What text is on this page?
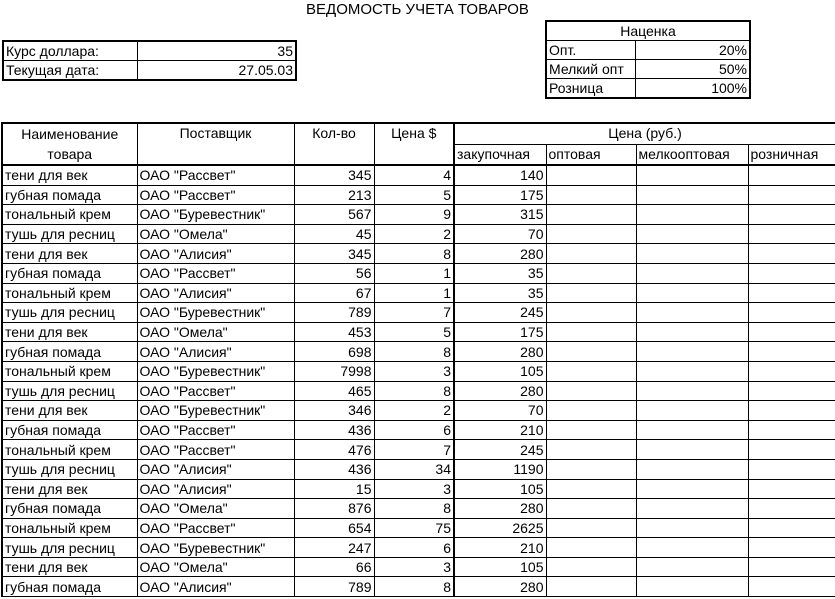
ВЕДОМОСТЬ УЧЕТА ТОВАРОВ
Курс доллара:	35
Текущая дата:	27.05.03
Наценка	
Опт.	20%
Мелкий опт	50%
Розница	100%
Наименование товара	Поставщик	Кол-во	Цена $	Цена (руб.)			
				закупочная	оптовая	мелкооптовая	розничная
тени для век	ОАО "Рассвет"	345	4	140			
губная помада	ОАО "Рассвет"	213	5	175			
тональный крем	ОАО "Буревестник"	567	9	315			
тушь для ресниц	ОАО "Омела"	45	2	70			
тени для век	ОАО "Алисия"	345	8	280			
губная помада	ОАО "Рассвет"	56	1	35			
тональный крем	ОАО "Алисия"	67	1	35			
тушь для ресниц	ОАО "Буревестник"	789	7	245			
тени для век	ОАО "Омела"	453	5	175			
губная помада	ОАО "Алисия"	698	8	280			
тональный крем	ОАО "Буревестник"	7998	3	105			
тушь для ресниц	ОАО "Рассвет"	465	8	280			
тени для век	ОАО "Буревестник"	346	2	70			
губная помада	ОАО "Рассвет"	436	6	210			
тональный крем	ОАО "Рассвет"	476	7	245			
тушь для ресниц	ОАО "Алисия"	436	34	1190			
тени для век	ОАО "Алисия"	15	3	105			
губная помада	ОАО "Омела"	876	8	280			
тональный крем	ОАО "Рассвет"	654	75	2625			
тушь для ресниц	ОАО "Буревестник"	247	6	210			
тени для век	ОАО "Омела"	66	3	105			
губная помада	ОАО "Алисия"	789	8	280			
